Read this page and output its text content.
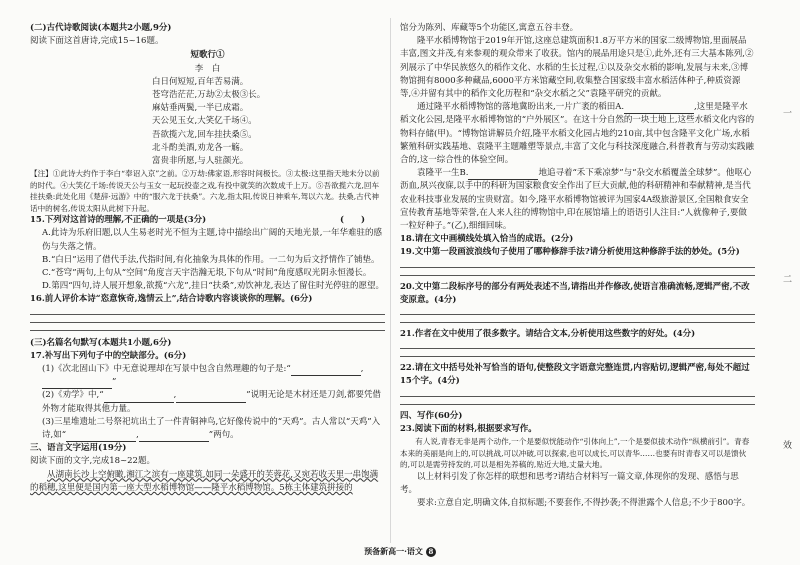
(二)古代诗歌阅读(本题共2小题,9分)

阅读下面这首唐诗,完成15~16题。

短歌行①

李　白

白日何短短,百年苦易满。

苍穹浩茫茫,万劫②太极③长。

麻姑垂两鬓,一半已成霜。

天公见玉女,大笑亿千场④。

吾欲揽六龙,回车挂扶桑⑤。

北斗酌美酒,劝龙各一觞。

富贵非所愿,与人驻颜光。

【注】①此诗大约作于李白“奉诏入京”之前。②万劫:佛家语,形容时间极长。③太极:这里指天地未分以前的时代。④大笑亿千场:传说天公与玉女一起玩投壶之戏,有投中就笑的次数成千上万。⑤吾欲揽六龙,回车挂扶桑:此处化用《楚辞·远游》中的“服六龙于扶桑”。六龙,指太阳,传说日神乘车,驾以六龙。扶桑,古代神话中的树名,传说太阳从此树下升起。

15.下列对这首诗的理解,不正确的一项是(3分)	(　　)

A.此诗为乐府旧题,以人生易老时光不恒为主题,诗中描绘出广阔的天地光景,一年华难驻的感伤与失落之情。

B.“白日”运用了借代手法,代指时间,有化抽象为具体的作用。一二句为后文抒情作了铺垫。

C.“苍穹”两句,上句从“空间”角度言天宇浩瀚无垠,下句从“时间”角度感叹光阴永恒漫长。

D.第四“四句,诗人展开想象,欲揽“六龙”,挂日“扶桑”,劝饮神龙,表达了留住时光停驻的愿望。

16.前人评价本诗“恣意恢奇,逸情云上”,结合诗歌内容谈谈你的理解。(6分)

(三)名篇名句默写(本题共1小题,6分)

17.补写出下列句子中的空缺部分。(6分)

(1)《次北固山下》中无意说理却在写景中包含自然理趣的句子是:“	,”

(2)《劝学》中,“	,	”说明无论是木材还是刀剑,都要凭借外物才能取得其他力量。

(3)三星堆遗址二号祭祀坑出土了一件青铜神鸟,它好像传说中的“天鸡”。古人常以“天鸡”入诗,如“	,	”两句。

三、语言文字运用(19分)

阅读下面的文字,完成18~22题。

从湖南长沙上空俯瞰,湘江之滨有一座建筑,如同一朵盛开的芙蓉花,又宛若收天里一串饱满的稻穗,这里便是国内第一座大型水稻博物馆——隆平水稻博物馆。5栋主体建筑拼接的

馆分为陈列、库藏等5个功能区,寓意五谷丰登。

隆平水稻博物馆于2019年开馆,这座总建筑面积1.8万平方米的国家二级博物馆,里面展品丰富,图文并茂,有来参观的观众带来了收获。馆内的展品用途只是①,此外,还有三大基本陈列,②列展示了中华民族悠久的稻作文化、水稻的生长过程,①以及杂交水稻的影响,发展与未来,③博物馆拥有8000多种藏品,6000平方米馆藏空间,收集整合国家级丰富水稻活体种子,种质资源等,④并留有其中的稻作文化历程和“杂交水稻之父”袁隆平研究的贡献。

通过隆平水稻博物馆的落地冀盼出来,一片广袤的稻田A.	,这里是隆平水稻文化公园,是隆平水稻博物馆的“户外展区”。在这十分自然的一块土地上,这些水稻文化内容的物料存储(甲)。“博物馆讲解员介绍,隆平水稻文化园占地约210亩,其中包含隆平文化广场,水稻繁殖科研实践基地、袁隆平主题雕塑等景点,丰富了文化与科技深度融合,科普教育与劳动实践融合的,这一综合性的体验空间。

袁隆平一生B.	地追寻着“禾下乘凉梦”与“杂交水稻覆盖全球梦”。他呕心沥血,夙兴夜寐,以手中的科研为国家粮食安全作出了巨大贡献,他的科研精神和奉献精神,是当代农业科技事业发展的宝贵财富。如今,隆平水稻博物馆被评为国家4A级旅游景区,全国粮食安全宣传教育基地等荣誉,在人来人往的博物馆中,印在展馆墙上的语语引人注目:“人就像种子,要做一粒好种子。”(乙),细细回味。

18.请在文中画横线处填入恰当的成语。(2分)

19.文中第一段画波浪线句子使用了哪种修辞手法?请分析使用这种修辞手法的妙处。(5分)

20.文中第二段标序号的部分有两处表述不当,请指出并作修改,使语言准确流畅,逻辑严密,不改变原意。(4分)

21.作者在文中使用了很多数字。请结合文本,分析使用这些数字的好处。(4分)

22.请在文中括号处补写恰当的语句,使整段文字语意完整连贯,内容贴切,逻辑严密,每处不超过15个字。(4分)

四、写作(60分)

23.阅读下面的材料,根据要求写作。

有人说,青春无非是两个动作,一个是要似恍能动作“引体向上”,一个是要似拔术动作“纵横前引”。青春本来的美丽是向上的,可以挑战,可以冲破,可以探索,也可以成长,可以青华……也要有时青春又可以是馈伙的,可以是需劳持发的,可以是相先养稿的,贴近大地,丈量大地。

以上材料引发了你怎样的联想和思考?请结合材料写一篇文章,体现你的发现、感悟与思考。

要求:立意自定,明确文体,自拟标题;不要套作,不得抄袭;不得泄露个人信息;不少于800字。

一
二
效
预备新高一·语文 8
